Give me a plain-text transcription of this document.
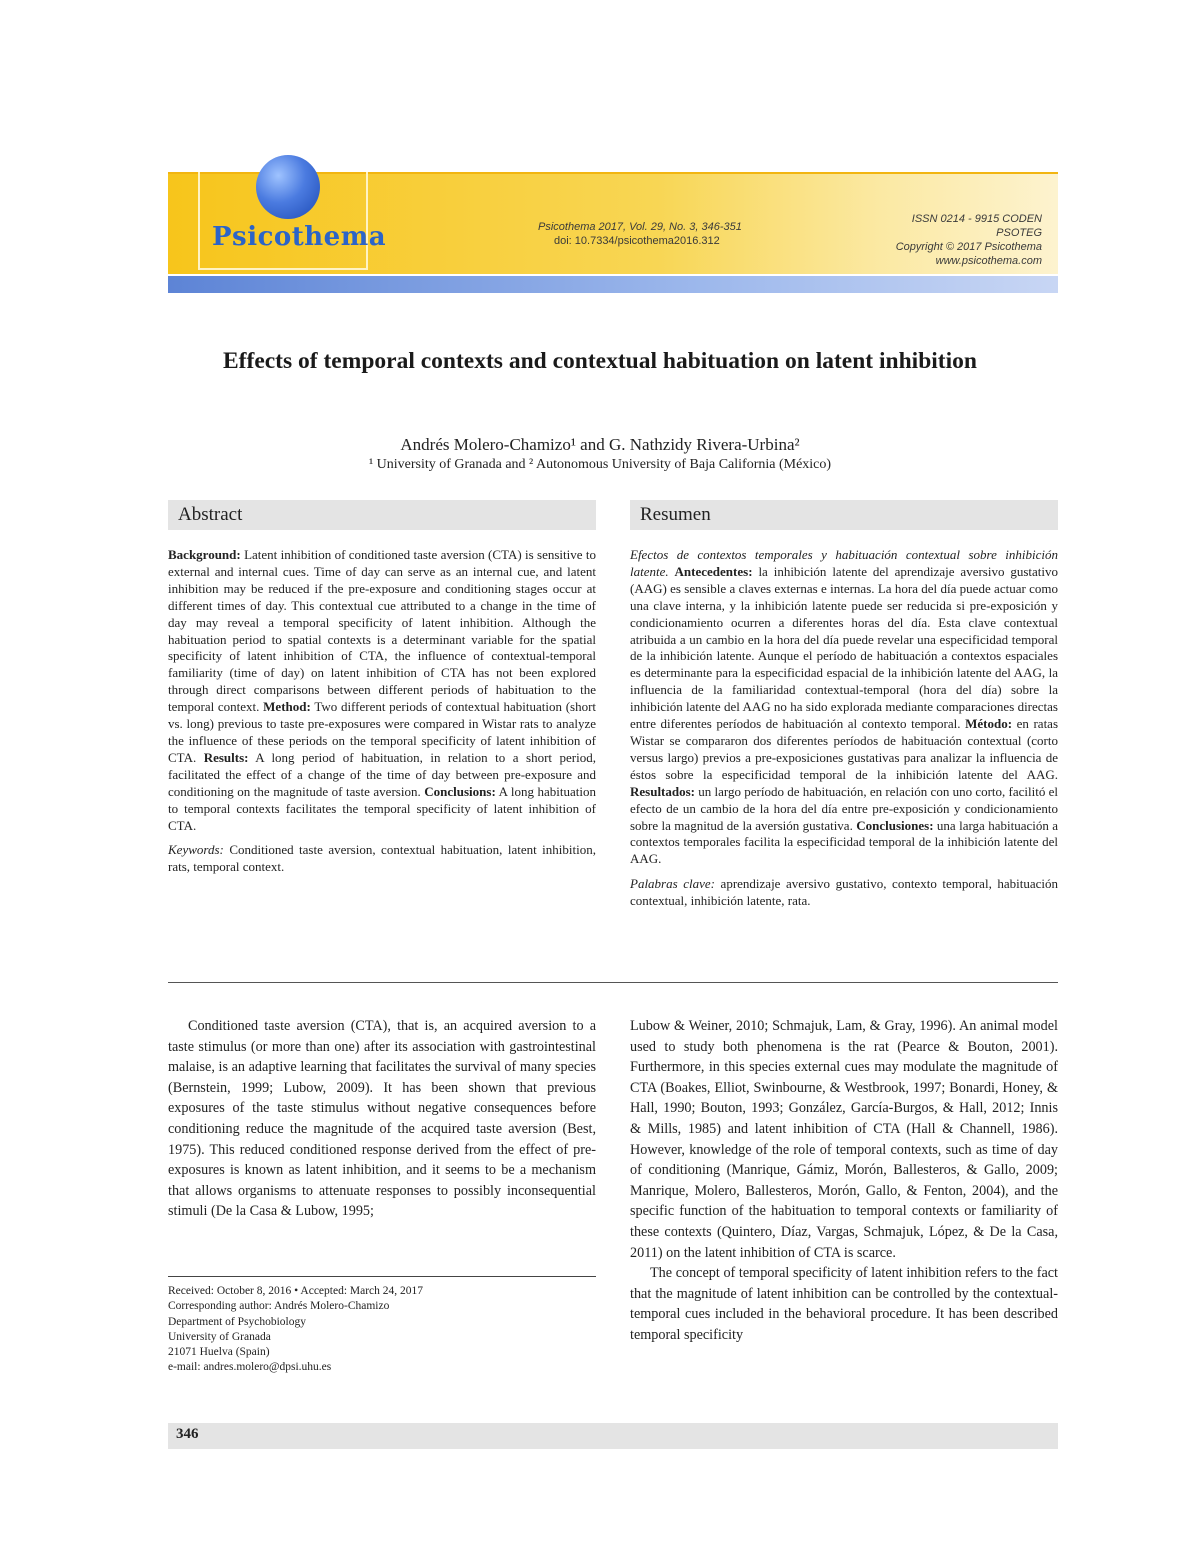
Psicothema	Psicothema 2017, Vol. 29, No. 3, 346-351
doi: 10.7334/psicothema2016.312
ISSN 0214 - 9915 CODEN PSOTEG
Copyright © 2017 Psicothema
www.psicothema.com
Effects of temporal contexts and contextual habituation on latent inhibition
Andrés Molero-Chamizo¹ and G. Nathzidy Rivera-Urbina²
¹ University of Granada and ² Autonomous University of Baja California (México)
Abstract
Background: Latent inhibition of conditioned taste aversion (CTA) is sensitive to external and internal cues. Time of day can serve as an internal cue, and latent inhibition may be reduced if the pre-exposure and conditioning stages occur at different times of day. This contextual cue attributed to a change in the time of day may reveal a temporal specificity of latent inhibition. Although the habituation period to spatial contexts is a determinant variable for the spatial specificity of latent inhibition of CTA, the influence of contextual-temporal familiarity (time of day) on latent inhibition of CTA has not been explored through direct comparisons between different periods of habituation to the temporal context. Method: Two different periods of contextual habituation (short vs. long) previous to taste pre-exposures were compared in Wistar rats to analyze the influence of these periods on the temporal specificity of latent inhibition of CTA. Results: A long period of habituation, in relation to a short period, facilitated the effect of a change of the time of day between pre-exposure and conditioning on the magnitude of taste aversion. Conclusions: A long habituation to temporal contexts facilitates the temporal specificity of latent inhibition of CTA.
Keywords: Conditioned taste aversion, contextual habituation, latent inhibition, rats, temporal context.
Resumen
Efectos de contextos temporales y habituación contextual sobre inhibición latente. Antecedentes: la inhibición latente del aprendizaje aversivo gustativo (AAG) es sensible a claves externas e internas. La hora del día puede actuar como una clave interna, y la inhibición latente puede ser reducida si pre-exposición y condicionamiento ocurren a diferentes horas del día. Esta clave contextual atribuida a un cambio en la hora del día puede revelar una especificidad temporal de la inhibición latente. Aunque el período de habituación a contextos espaciales es determinante para la especificidad espacial de la inhibición latente del AAG, la influencia de la familiaridad contextual-temporal (hora del día) sobre la inhibición latente del AAG no ha sido explorada mediante comparaciones directas entre diferentes períodos de habituación al contexto temporal. Método: en ratas Wistar se compararon dos diferentes períodos de habituación contextual (corto versus largo) previos a pre-exposiciones gustativas para analizar la influencia de éstos sobre la especificidad temporal de la inhibición latente del AAG. Resultados: un largo período de habituación, en relación con uno corto, facilitó el efecto de un cambio de la hora del día entre pre-exposición y condicionamiento sobre la magnitud de la aversión gustativa. Conclusiones: una larga habituación a contextos temporales facilita la especificidad temporal de la inhibición latente del AAG.
Palabras clave: aprendizaje aversivo gustativo, contexto temporal, habituación contextual, inhibición latente, rata.
Conditioned taste aversion (CTA), that is, an acquired aversion to a taste stimulus (or more than one) after its association with gastrointestinal malaise, is an adaptive learning that facilitates the survival of many species (Bernstein, 1999; Lubow, 2009). It has been shown that previous exposures of the taste stimulus without negative consequences before conditioning reduce the magnitude of the acquired taste aversion (Best, 1975). This reduced conditioned response derived from the effect of pre-exposures is known as latent inhibition, and it seems to be a mechanism that allows organisms to attenuate responses to possibly inconsequential stimuli (De la Casa & Lubow, 1995;
Lubow & Weiner, 2010; Schmajuk, Lam, & Gray, 1996). An animal model used to study both phenomena is the rat (Pearce & Bouton, 2001). Furthermore, in this species external cues may modulate the magnitude of CTA (Boakes, Elliot, Swinbourne, & Westbrook, 1997; Bonardi, Honey, & Hall, 1990; Bouton, 1993; González, García-Burgos, & Hall, 2012; Innis & Mills, 1985) and latent inhibition of CTA (Hall & Channell, 1986). However, knowledge of the role of temporal contexts, such as time of day of conditioning (Manrique, Gámiz, Morón, Ballesteros, & Gallo, 2009; Manrique, Molero, Ballesteros, Morón, Gallo, & Fenton, 2004), and the specific function of the habituation to temporal contexts or familiarity of these contexts (Quintero, Díaz, Vargas, Schmajuk, López, & De la Casa, 2011) on the latent inhibition of CTA is scarce.
The concept of temporal specificity of latent inhibition refers to the fact that the magnitude of latent inhibition can be controlled by the contextual-temporal cues included in the behavioral procedure. It has been described temporal specificity
Received: October 8, 2016 • Accepted: March 24, 2017
Corresponding author: Andrés Molero-Chamizo
Department of Psychobiology
University of Granada
21071 Huelva (Spain)
e-mail: andres.molero@dpsi.uhu.es
346
